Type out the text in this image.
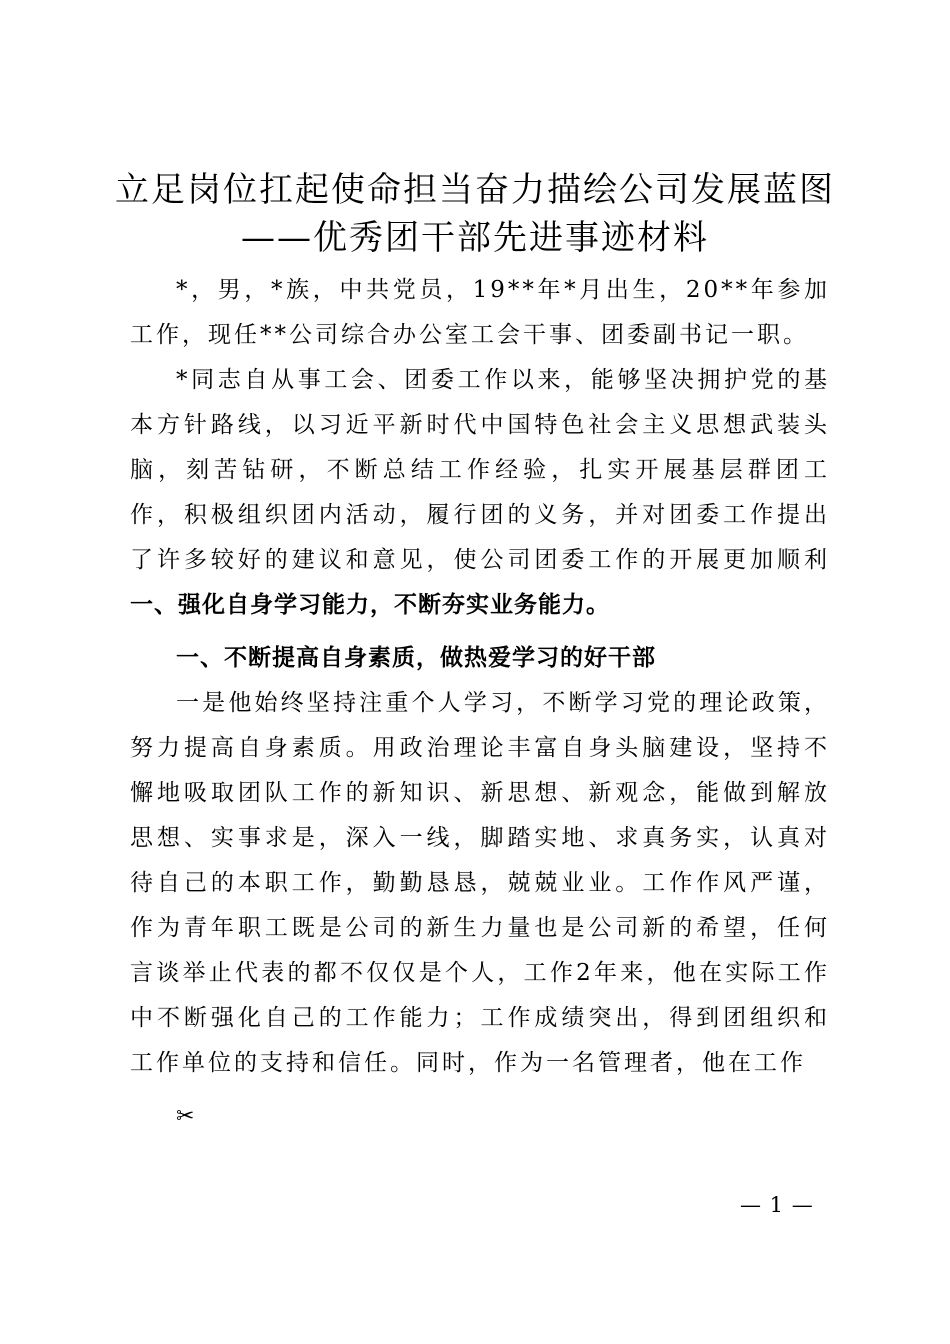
立足岗位扛起使命担当奋力描绘公司发展蓝图
——优秀团干部先进事迹材料

*，男，*族，中共党员，19**年*月出生，20**年参加工作，现任**公司综合办公室工会干事、团委副书记一职。

*同志自从事工会、团委工作以来，能够坚决拥护党的基本方针路线，以习近平新时代中国特色社会主义思想武装头脑，刻苦钻研，不断总结工作经验，扎实开展基层群团工作，积极组织团内活动，履行团的义务，并对团委工作提出了许多较好的建议和意见，使公司团委工作的开展更加顺利一、强化自身学习能力，不断夯实业务能力。

一、不断提高自身素质，做热爱学习的好干部

一是他始终坚持注重个人学习，不断学习党的理论政策，努力提高自身素质。用政治理论丰富自身头脑建设，坚持不懈地吸取团队工作的新知识、新思想、新观念，能做到解放思想、实事求是，深入一线，脚踏实地、求真务实，认真对待自己的本职工作，勤勤恳恳，兢兢业业。工作作风严谨，作为青年职工既是公司的新生力量也是公司新的希望，任何言谈举止代表的都不仅仅是个人，工作2年来，他在实际工作中不断强化自己的工作能力；工作成绩突出，得到团组织和工作单位的支持和信任。同时，作为一名管理者，他在工作

✂
— 1 —
